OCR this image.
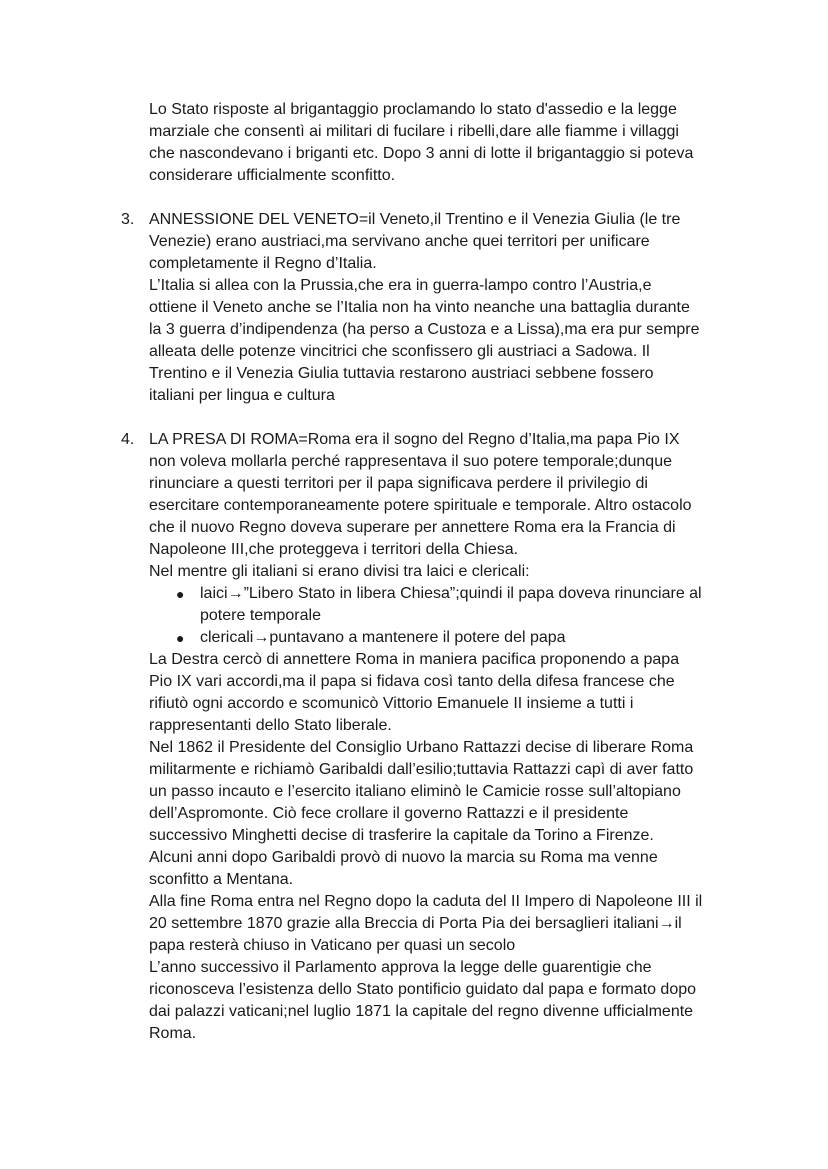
Lo Stato risposte al brigantaggio proclamando lo stato d'assedio e la legge
marziale che consentì ai militari di fucilare i ribelli,dare alle fiamme i villaggi
che nascondevano i briganti etc. Dopo 3 anni di lotte il brigantaggio si poteva
considerare ufficialmente sconfitto.
3. ANNESSIONE DEL VENETO=il Veneto,il Trentino e il Venezia Giulia (le tre
Venezie) erano austriaci,ma servivano anche quei territori per unificare
completamente il Regno d’Italia.
L’Italia si allea con la Prussia,che era in guerra-lampo contro l’Austria,e
ottiene il Veneto anche se l’Italia non ha vinto neanche una battaglia durante
la 3 guerra d’indipendenza (ha perso a Custoza e a Lissa),ma era pur sempre
alleata delle potenze vincitrici che sconfissero gli austriaci a Sadowa. Il
Trentino e il Venezia Giulia tuttavia restarono austriaci sebbene fossero
italiani per lingua e cultura
4. LA PRESA DI ROMA=Roma era il sogno del Regno d’Italia,ma papa Pio IX
non voleva mollarla perché rappresentava il suo potere temporale;dunque
rinunciare a questi territori per il papa significava perdere il privilegio di
esercitare contemporaneamente potere spirituale e temporale. Altro ostacolo
che il nuovo Regno doveva superare per annettere Roma era la Francia di
Napoleone III,che proteggeva i territori della Chiesa.
Nel mentre gli italiani si erano divisi tra laici e clericali:
● laici→”Libero Stato in libera Chiesa”;quindi il papa doveva rinunciare al
potere temporale
● clericali→puntavano a mantenere il potere del papa
La Destra cercò di annettere Roma in maniera pacifica proponendo a papa
Pio IX vari accordi,ma il papa si fidava così tanto della difesa francese che
rifiutò ogni accordo e scomunicò Vittorio Emanuele II insieme a tutti i
rappresentanti dello Stato liberale.
Nel 1862 il Presidente del Consiglio Urbano Rattazzi decise di liberare Roma
militarmente e richiamò Garibaldi dall’esilio;tuttavia Rattazzi capì di aver fatto
un passo incauto e l’esercito italiano eliminò le Camicie rosse sull’altopiano
dell’Aspromonte. Ciò fece crollare il governo Rattazzi e il presidente
successivo Minghetti decise di trasferire la capitale da Torino a Firenze.
Alcuni anni dopo Garibaldi provò di nuovo la marcia su Roma ma venne
sconfitto a Mentana.
Alla fine Roma entra nel Regno dopo la caduta del II Impero di Napoleone III il
20 settembre 1870 grazie alla Breccia di Porta Pia dei bersaglieri italiani→il
papa resterà chiuso in Vaticano per quasi un secolo
L’anno successivo il Parlamento approva la legge delle guarentigie che
riconosceva l’esistenza dello Stato pontificio guidato dal papa e formato dopo
dai palazzi vaticani;nel luglio 1871 la capitale del regno divenne ufficialmente
Roma.
